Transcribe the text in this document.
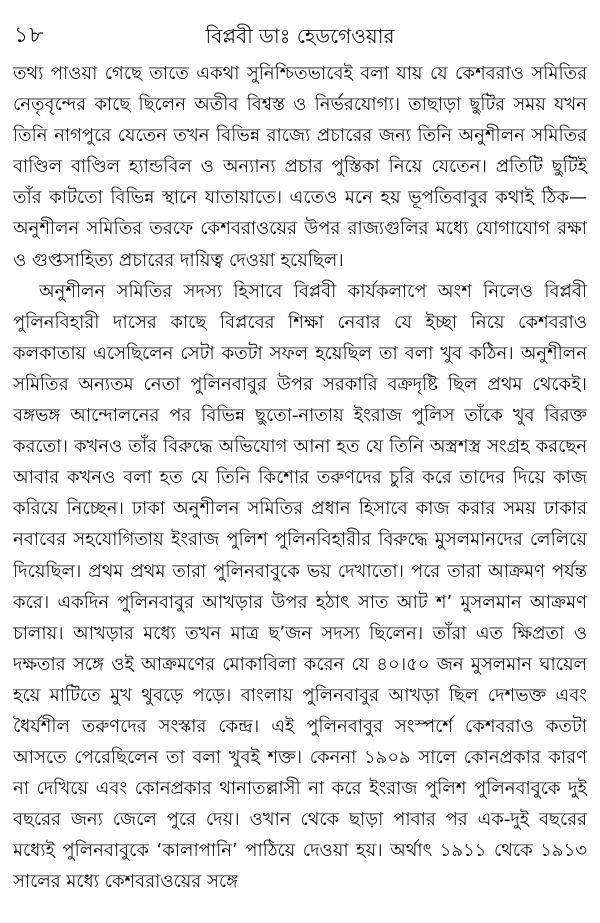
১৮	বিপ্লবী ডাঃ হেডগেওয়ার

তথ্য পাওয়া গেছে তাতে একথা সুনিশ্চিতভাবেই বলা যায় যে কেশবরাও সমিতির নেতৃবৃন্দের কাছে ছিলেন অতীব বিশ্বস্ত ও নির্ভরযোগ্য। তাছাড়া ছুটির সময় যখন তিনি নাগপুরে যেতেন তখন বিভিন্ন রাজ্যে প্রচারের জন্য তিনি অনুশীলন সমিতির বাণ্ডিল বাণ্ডিল হ্যান্ডবিল ও অন্যান্য প্রচার পুস্তিকা নিয়ে যেতেন। প্রতিটি ছুটিই তাঁর কাটতো বিভিন্ন স্থানে যাতায়াতে। এতেও মনে হয় ভূপতিবাবুর কথাই ঠিক—অনুশীলন সমিতির তরফে কেশবরাওয়ের উপর রাজ্যগুলির মধ্যে যোগাযোগ রক্ষা ও গুপ্তসাহিত্য প্রচারের দায়িত্ব দেওয়া হয়েছিল।

অনুশীলন সমিতির সদস্য হিসাবে বিপ্লবী কার্যকলাপে অংশ নিলেও বিপ্লবী পুলিনবিহারী দাসের কাছে বিপ্লবের শিক্ষা নেবার যে ইচ্ছা নিয়ে কেশবরাও কলকাতায় এসেছিলেন সেটা কতটা সফল হয়েছিল তা বলা খুব কঠিন। অনুশীলন সমিতির অন্যতম নেতা পুলিনবাবুর উপর সরকারি বক্রদৃষ্টি ছিল প্রথম থেকেই। বঙ্গভঙ্গ আন্দোলনের পর বিভিন্ন ছুতো-নাতায় ইংরাজ পুলিস তাঁকে খুব বিরক্ত করতো। কখনও তাঁর বিরুদ্ধে অভিযোগ আনা হত যে তিনি অস্ত্রশস্ত্র সংগ্রহ করছেন আবার কখনও বলা হত যে তিনি কিশোর তরুণদের চুরি করে তাদের দিয়ে কাজ করিয়ে নিচ্ছেন। ঢাকা অনুশীলন সমিতির প্রধান হিসাবে কাজ করার সময় ঢাকার নবাবের সহযোগিতায় ইংরাজ পুলিশ পুলিনবিহারীর বিরুদ্ধে মুসলমানদের লেলিয়ে দিয়েছিল। প্রথম প্রথম তারা পুলিনবাবুকে ভয় দেখাতো। পরে তারা আক্রমণ পর্যন্ত করে। একদিন পুলিনবাবুর আখড়ার উপর হঠাৎ সাত আট শ’ মুসলমান আক্রমণ চালায়। আখড়ার মধ্যে তখন মাত্র ছ’জন সদস্য ছিলেন। তাঁরা এত ক্ষিপ্রতা ও দক্ষতার সঙ্গে ওই আক্রমণের মোকাবিলা করেন যে ৪০।৫০ জন মুসলমান ঘায়েল হয়ে মাটিতে মুখ থুবড়ে পড়ে। বাংলায় পুলিনবাবুর আখড়া ছিল দেশভক্ত এবং ধৈর্যশীল তরুণদের সংস্কার কেন্দ্র। এই পুলিনবাবুর সংস্পর্শে কেশবরাও কতটা আসতে পেরেছিলেন তা বলা খুবই শক্ত। কেননা ১৯০৯ সালে কোনপ্রকার কারণ না দেখিয়ে এবং কোনপ্রকার থানাতল্লাসী না করে ইংরাজ পুলিশ পুলিনবাবুকে দুই বছরের জন্য জেলে পুরে দেয়। ওখান থেকে ছাড়া পাবার পর এক-দুই বছরের মধ্যেই পুলিনবাবুকে ‘কালাপানি’ পাঠিয়ে দেওয়া হয়। অর্থাৎ ১৯১১ থেকে ১৯১৩ সালের মধ্যে কেশবরাওয়ের সঙ্গে
